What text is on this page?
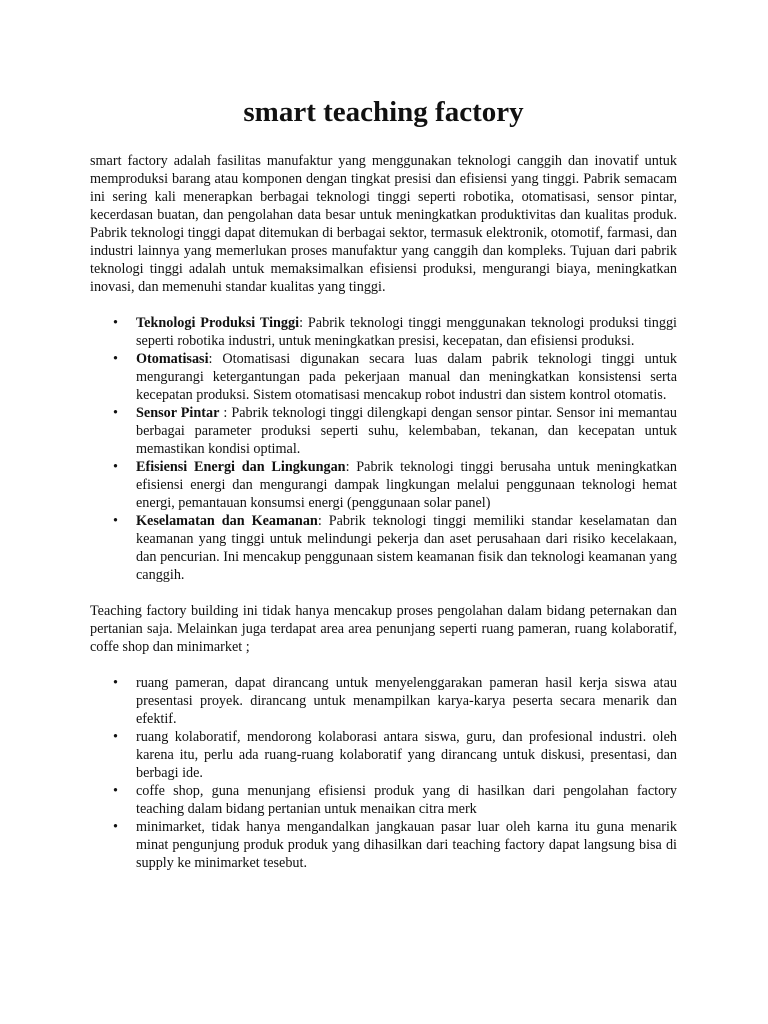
smart teaching factory

smart factory adalah fasilitas manufaktur yang menggunakan teknologi canggih dan inovatif untuk memproduksi barang atau komponen dengan tingkat presisi dan efisiensi yang tinggi. Pabrik semacam ini sering kali menerapkan berbagai teknologi tinggi seperti robotika, otomatisasi, sensor pintar, kecerdasan buatan, dan pengolahan data besar untuk meningkatkan produktivitas dan kualitas produk. Pabrik teknologi tinggi dapat ditemukan di berbagai sektor, termasuk elektronik, otomotif, farmasi, dan industri lainnya yang memerlukan proses manufaktur yang canggih dan kompleks. Tujuan dari pabrik teknologi tinggi adalah untuk memaksimalkan efisiensi produksi, mengurangi biaya, meningkatkan inovasi, dan memenuhi standar kualitas yang tinggi.

• Teknologi Produksi Tinggi: Pabrik teknologi tinggi menggunakan teknologi produksi tinggi seperti robotika industri, untuk meningkatkan presisi, kecepatan, dan efisiensi produksi.
• Otomatisasi: Otomatisasi digunakan secara luas dalam pabrik teknologi tinggi untuk mengurangi ketergantungan pada pekerjaan manual dan meningkatkan konsistensi serta kecepatan produksi. Sistem otomatisasi mencakup robot industri dan sistem kontrol otomatis.
• Sensor Pintar : Pabrik teknologi tinggi dilengkapi dengan sensor pintar. Sensor ini memantau berbagai parameter produksi seperti suhu, kelembaban, tekanan, dan kecepatan untuk memastikan kondisi optimal.
• Efisiensi Energi dan Lingkungan: Pabrik teknologi tinggi berusaha untuk meningkatkan efisiensi energi dan mengurangi dampak lingkungan melalui penggunaan teknologi hemat energi, pemantauan konsumsi energi (penggunaan solar panel)
• Keselamatan dan Keamanan: Pabrik teknologi tinggi memiliki standar keselamatan dan keamanan yang tinggi untuk melindungi pekerja dan aset perusahaan dari risiko kecelakaan, dan pencurian. Ini mencakup penggunaan sistem keamanan fisik dan teknologi keamanan yang canggih.

Teaching factory building ini tidak hanya mencakup proses pengolahan dalam bidang peternakan dan pertanian saja. Melainkan juga terdapat area area penunjang seperti ruang pameran, ruang kolaboratif, coffe shop dan minimarket ;

• ruang pameran, dapat dirancang untuk menyelenggarakan pameran hasil kerja siswa atau presentasi proyek. dirancang untuk menampilkan karya-karya peserta secara menarik dan efektif.
• ruang kolaboratif, mendorong kolaborasi antara siswa, guru, dan profesional industri. oleh karena itu, perlu ada ruang-ruang kolaboratif yang dirancang untuk diskusi, presentasi, dan berbagi ide.
• coffe shop, guna menunjang efisiensi produk yang di hasilkan dari pengolahan factory teaching dalam bidang pertanian untuk menaikan citra merk
• minimarket, tidak hanya mengandalkan jangkauan pasar luar oleh karna itu guna menarik minat pengunjung produk produk yang dihasilkan dari teaching factory dapat langsung bisa di supply ke minimarket tesebut.
